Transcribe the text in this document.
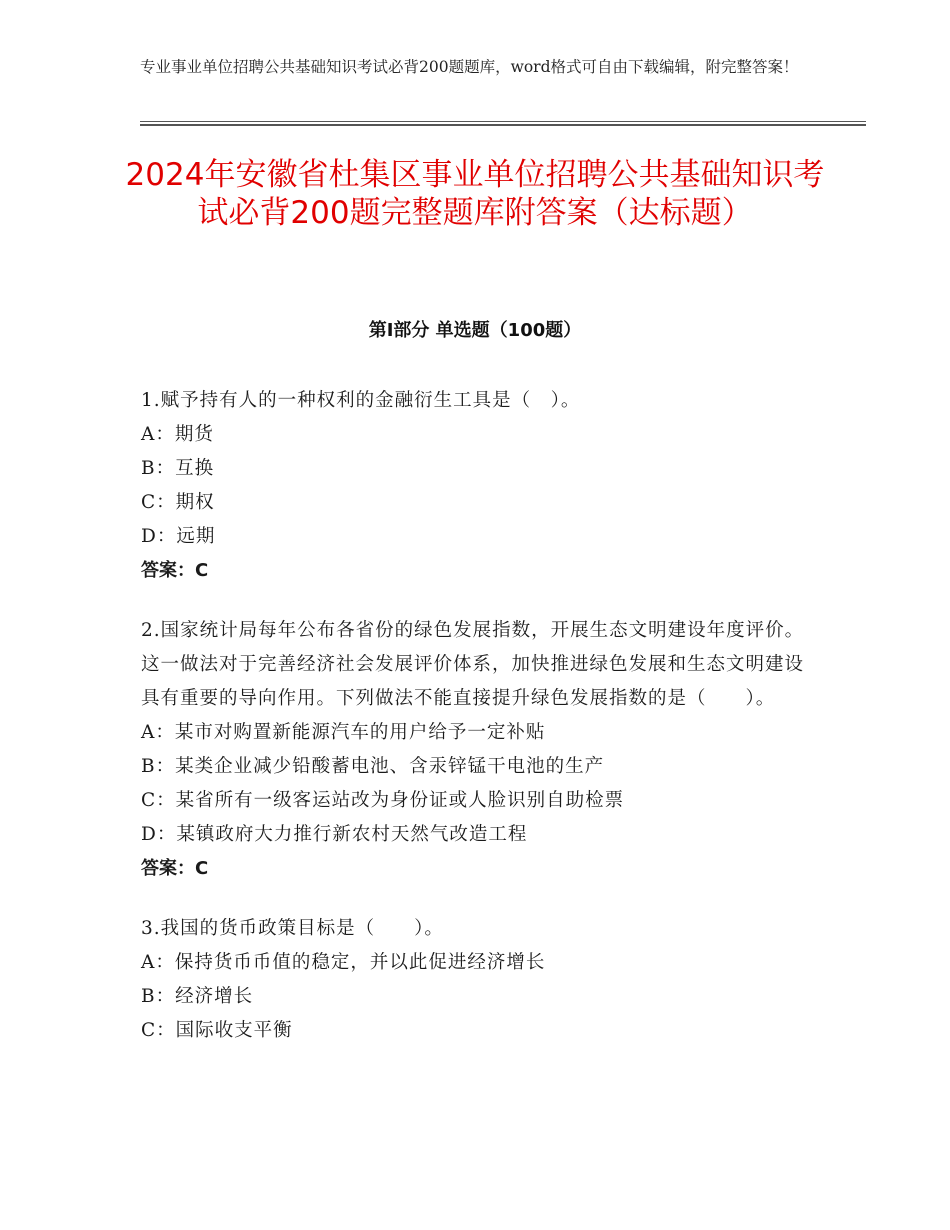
专业事业单位招聘公共基础知识考试必背200题题库，word格式可自由下载编辑，附完整答案！
2024年安徽省杜集区事业单位招聘公共基础知识考试必背200题完整题库附答案（达标题）
第Ⅰ部分 单选题（100题）

1.赋予持有人的一种权利的金融衍生工具是（　）。

A：期货

B：互换

C：期权

D：远期

答案：C

2.国家统计局每年公布各省份的绿色发展指数，开展生态文明建设年度评价。这一做法对于完善经济社会发展评价体系，加快推进绿色发展和生态文明建设具有重要的导向作用。下列做法不能直接提升绿色发展指数的是（　　）。

A：某市对购置新能源汽车的用户给予一定补贴

B：某类企业减少铅酸蓄电池、含汞锌锰干电池的生产

C：某省所有一级客运站改为身份证或人脸识别自助检票

D：某镇政府大力推行新农村天然气改造工程

答案：C

3.我国的货币政策目标是（　　）。

A：保持货币币值的稳定，并以此促进经济增长

B：经济增长

C：国际收支平衡
